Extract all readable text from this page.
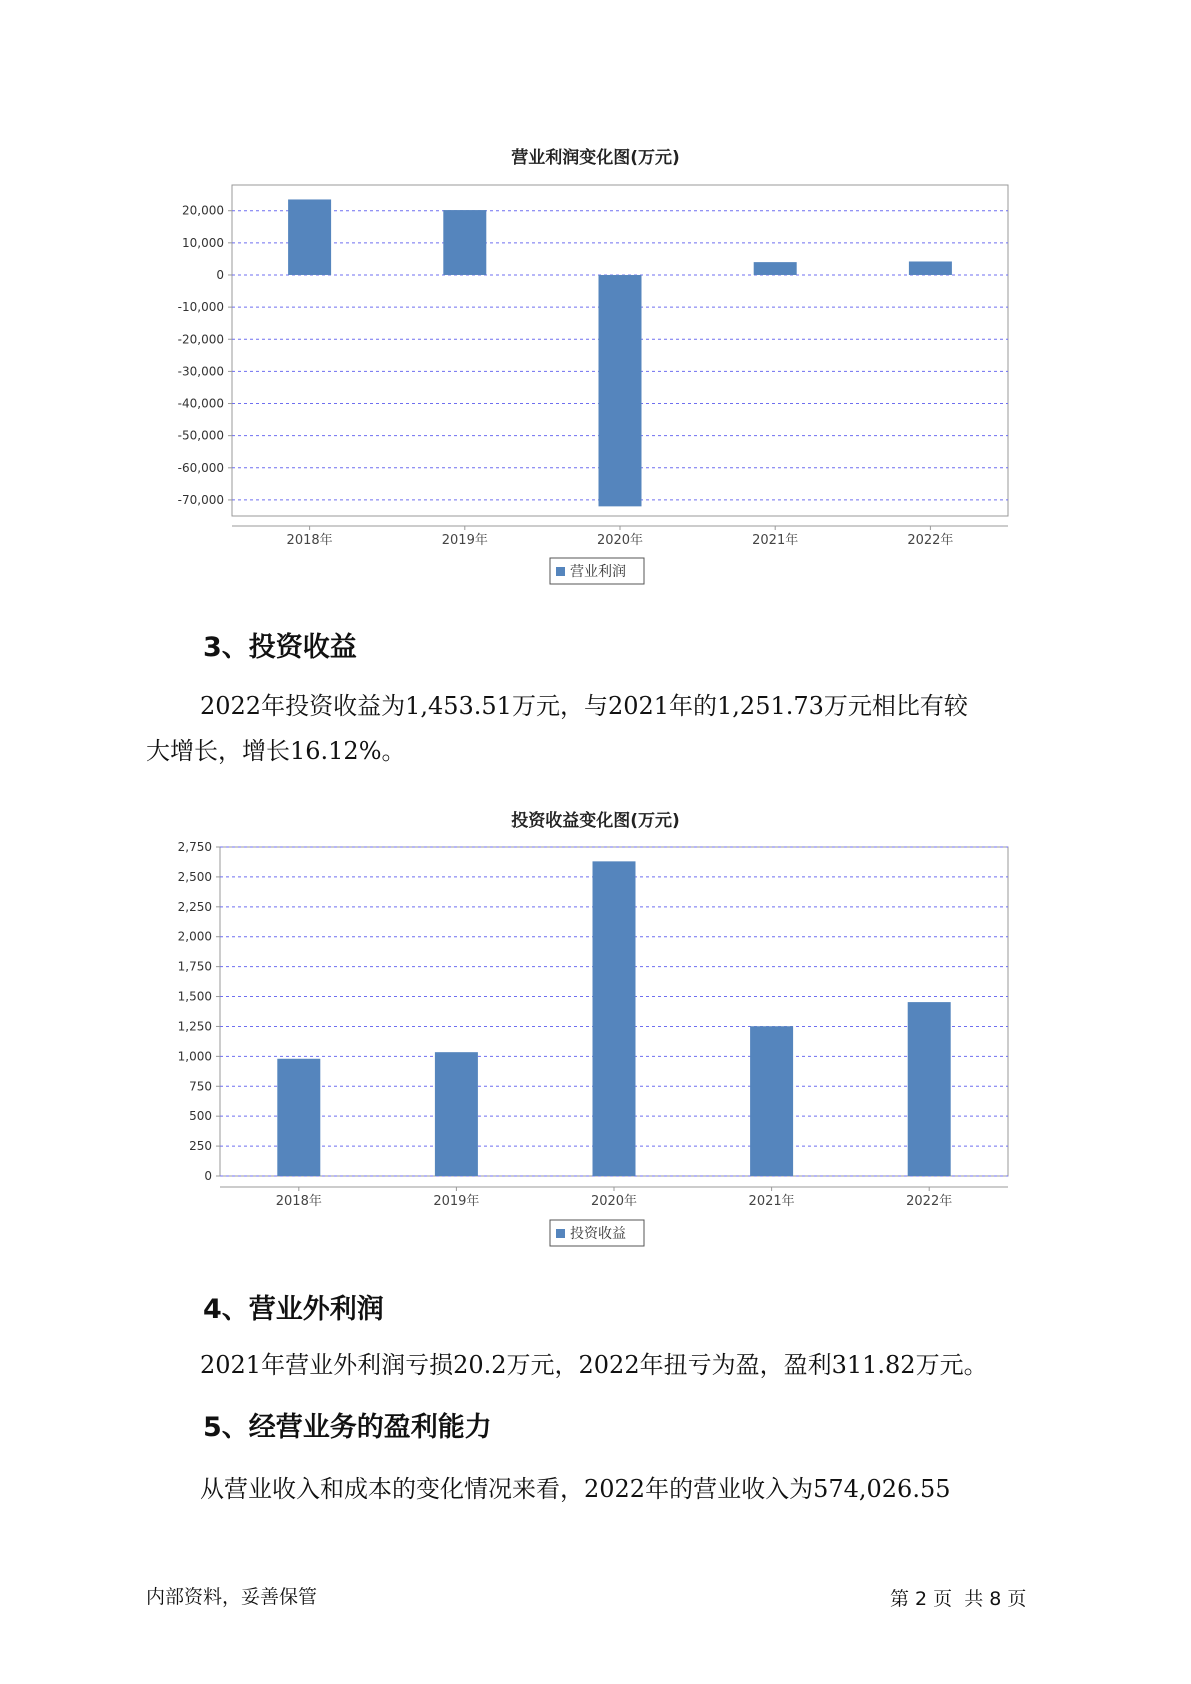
营业利润变化图(万元)
20,000
10,000
0
-10,000
-20,000
-30,000
-40,000
-50,000
-60,000
-70,000
2018年	2019年	2020年	2021年	2022年
营业利润
3、投资收益
2022年投资收益为1,453.51万元，与2021年的1,251.73万元相比有较
大增长，增长16.12%。
投资收益变化图(万元)
2,750
2,500
2,250
2,000
1,750
1,500
1,250
1,000
750
500
250
0
2018年	2019年	2020年	2021年	2022年
投资收益
4、营业外利润
2021年营业外利润亏损20.2万元，2022年扭亏为盈，盈利311.82万元。
5、经营业务的盈利能力
从营业收入和成本的变化情况来看，2022年的营业收入为574,026.55
内部资料，妥善保管	第 2 页  共 8 页
